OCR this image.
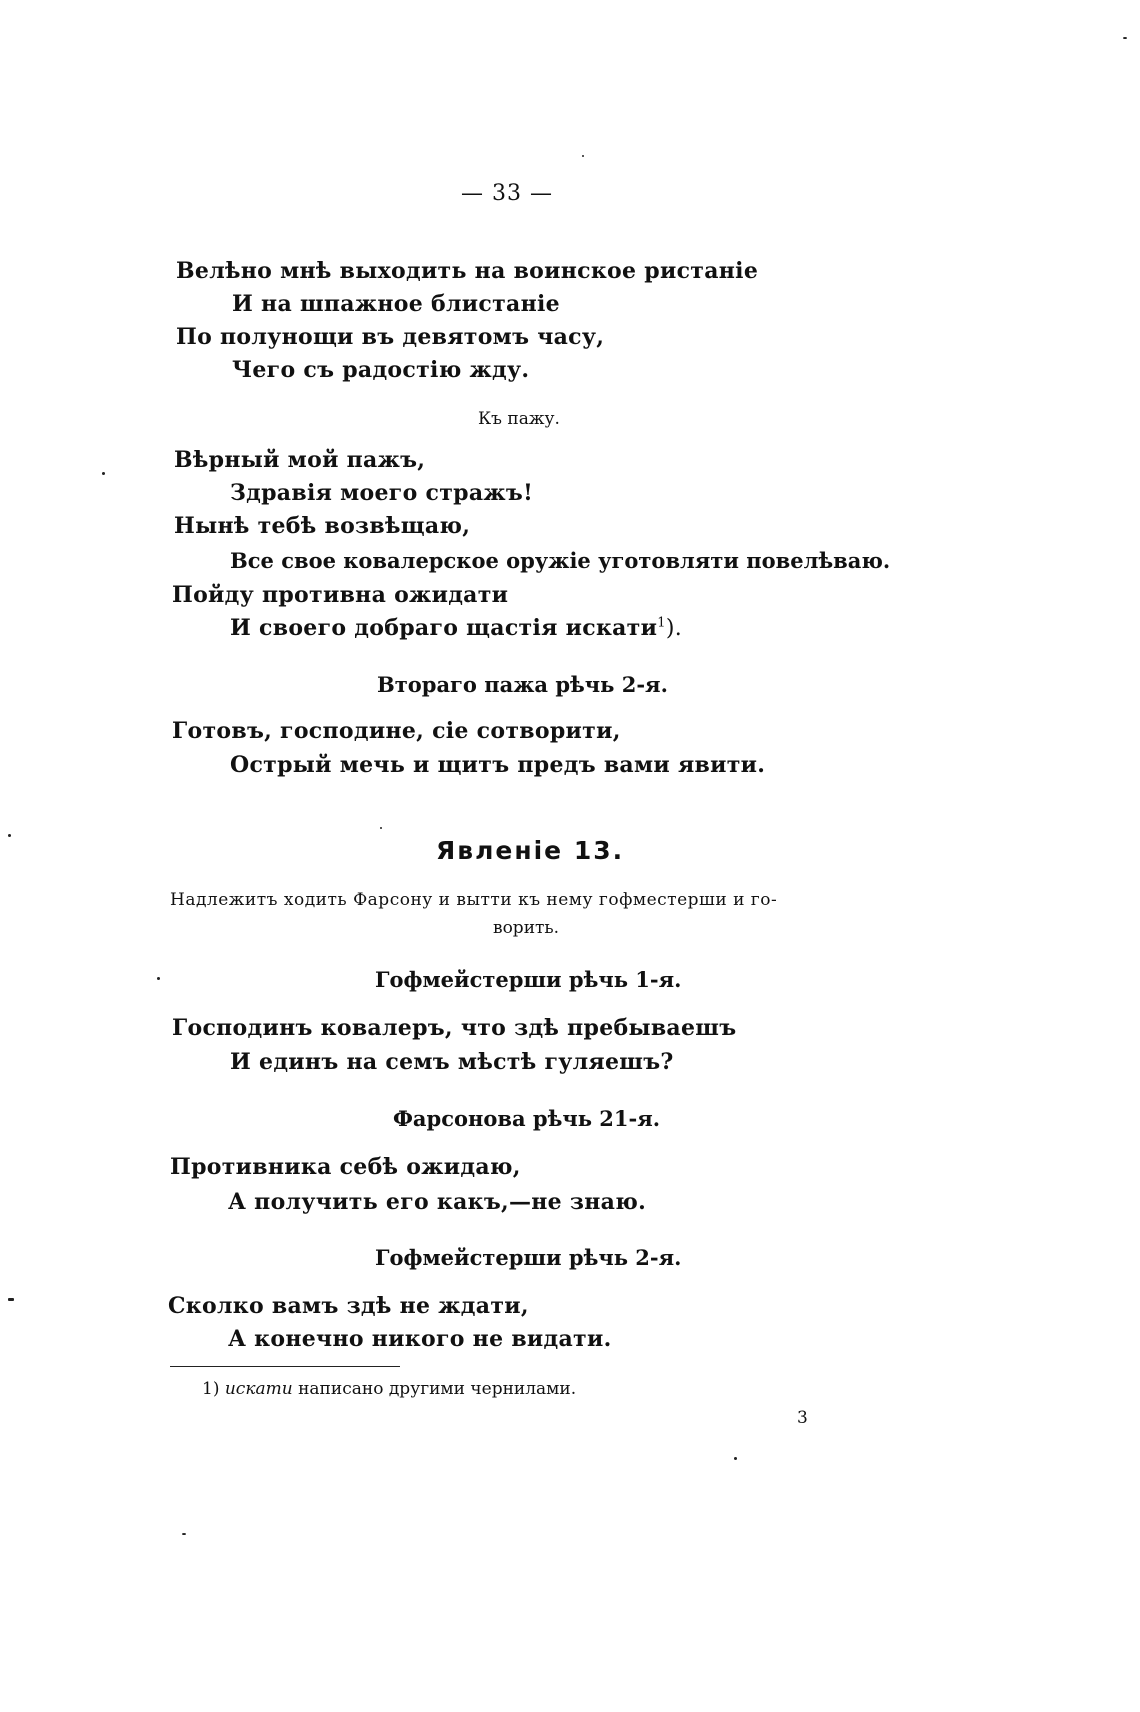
— 33 —
Велѣно мнѣ выходить на воинское ристаніе
И на шпажное блистаніе
По полунощи въ девятомъ часу,
Чего съ радостію жду.
Къ пажу.
Вѣрный мой пажъ,
Здравія моего стражъ!
Нынѣ тебѣ возвѣщаю,
Все свое ковалерское оружіе уготовляти повелѣваю.
Пойду противна ожидати
И своего добраго щастія искати$^1$).
Втораго пажа рѣчь 2-я.
Готовъ, господине, сіе сотворити,
Острый мечь и щитъ предъ вами явити.
Явленіе 13.
Надлежитъ ходить Фарсону и вытти къ нему гофместерши и го-
ворить.
Гофмейстерши рѣчь 1-я.
Господинъ ковалеръ, что здѣ пребываешъ
И единъ на семъ мѣстѣ гуляешъ?
Фарсонова рѣчь 21-я.
Противника себѣ ожидаю,
А получить его какъ,—не знаю.
Гофмейстерши рѣчь 2-я.
Сколко вамъ здѣ не ждати,
А конечно никого не видати.
1) искати написано другими чернилами.
3
